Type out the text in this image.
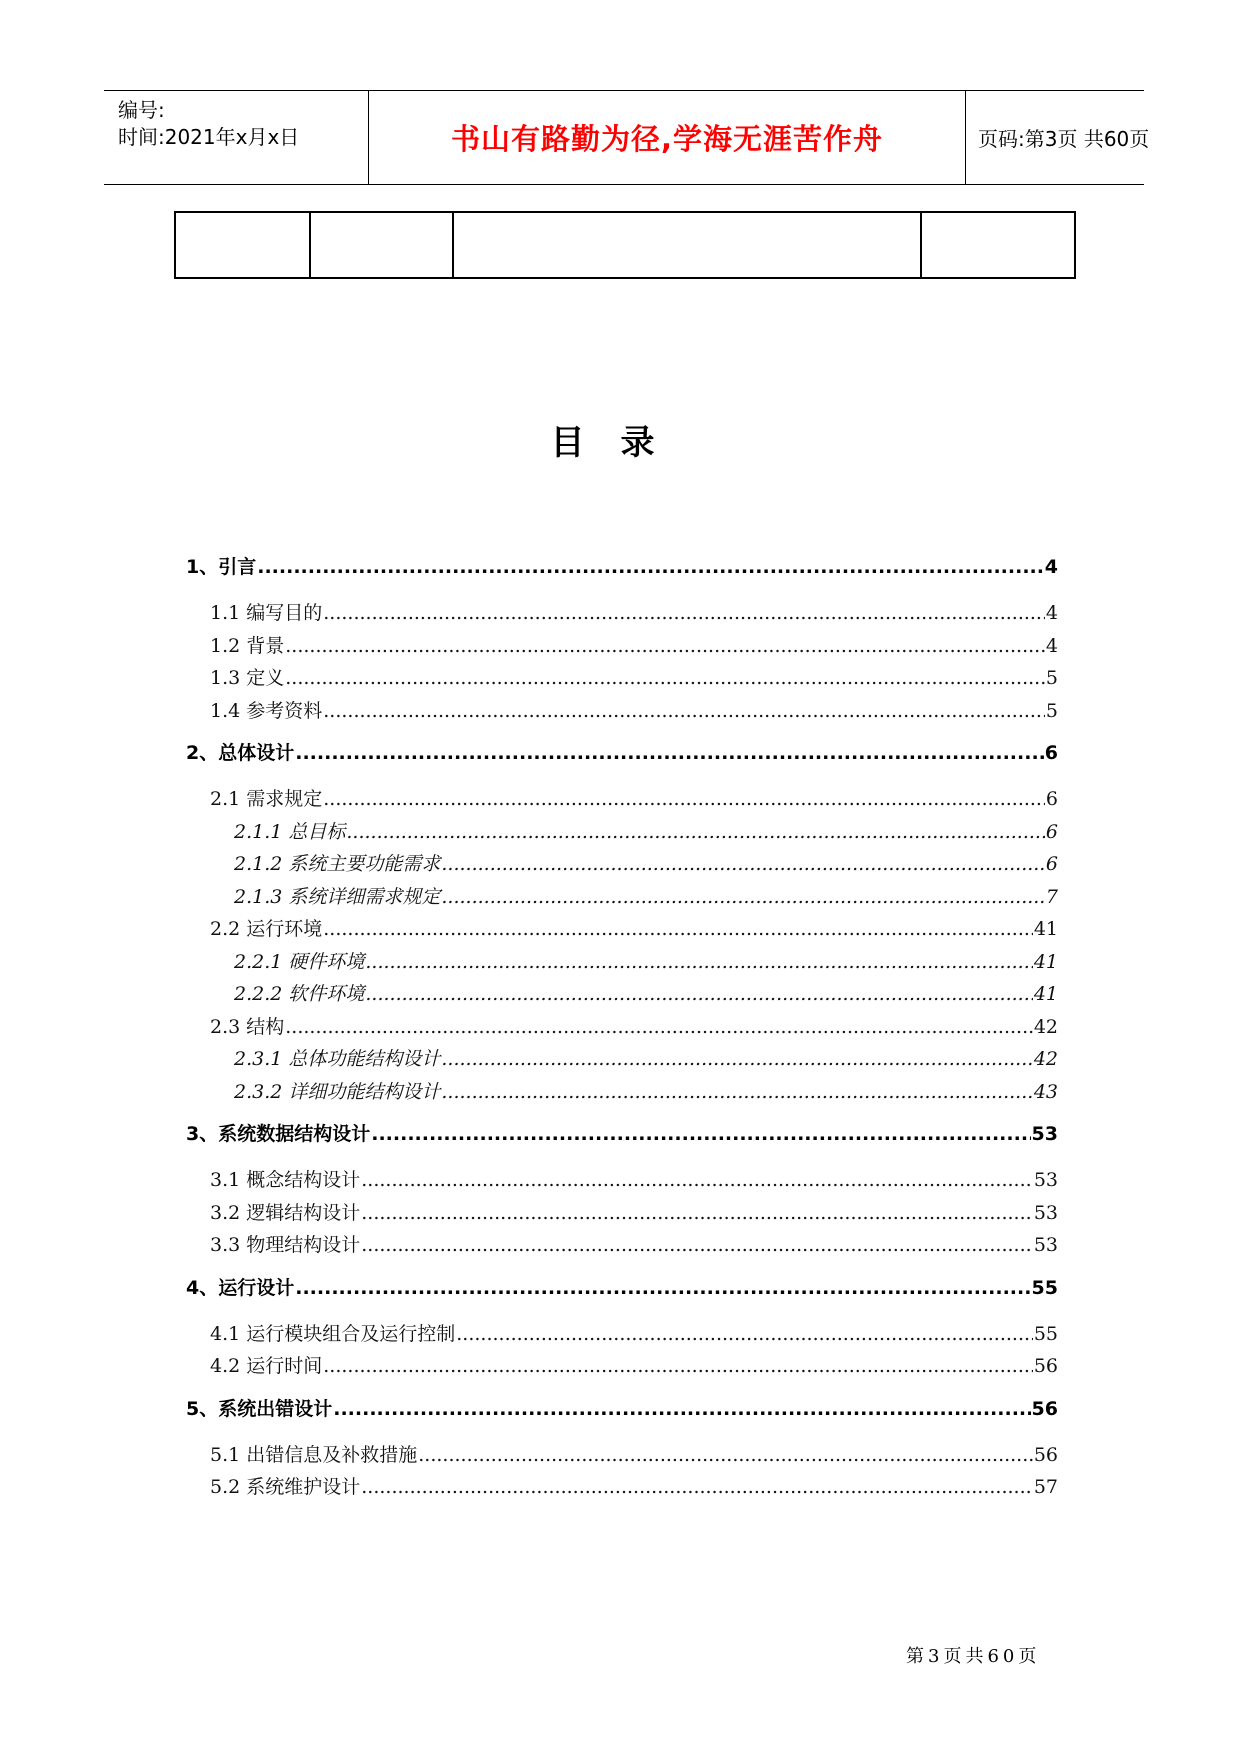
编号:
时间:2021年x月x日	书山有路勤为径,学海无涯苦作舟	页码:第3页 共60页
目录
1、引言 .....	4
1.1 编写目的 .....	4
1.2 背景 .....	4
1.3 定义 .....	5
1.4 参考资料 .....	5
2、总体设计 .....	6
2.1 需求规定 .....	6
2.1.1 总目标 .....	6
2.1.2 系统主要功能需求 .....	6
2.1.3 系统详细需求规定 .....	7
2.2 运行环境 .....	41
2.2.1 硬件环境 .....	41
2.2.2 软件环境 .....	41
2.3 结构 .....	42
2.3.1 总体功能结构设计 .....	42
2.3.2 详细功能结构设计 .....	43
3、系统数据结构设计 .....	53
3.1 概念结构设计 .....	53
3.2 逻辑结构设计 .....	53
3.3 物理结构设计 .....	53
4、运行设计 .....	55
4.1 运行模块组合及运行控制 .....	55
4.2 运行时间 .....	56
5、系统出错设计 .....	56
5.1 出错信息及补救措施 .....	56
5.2 系统维护设计 .....	57
第3页共60页
